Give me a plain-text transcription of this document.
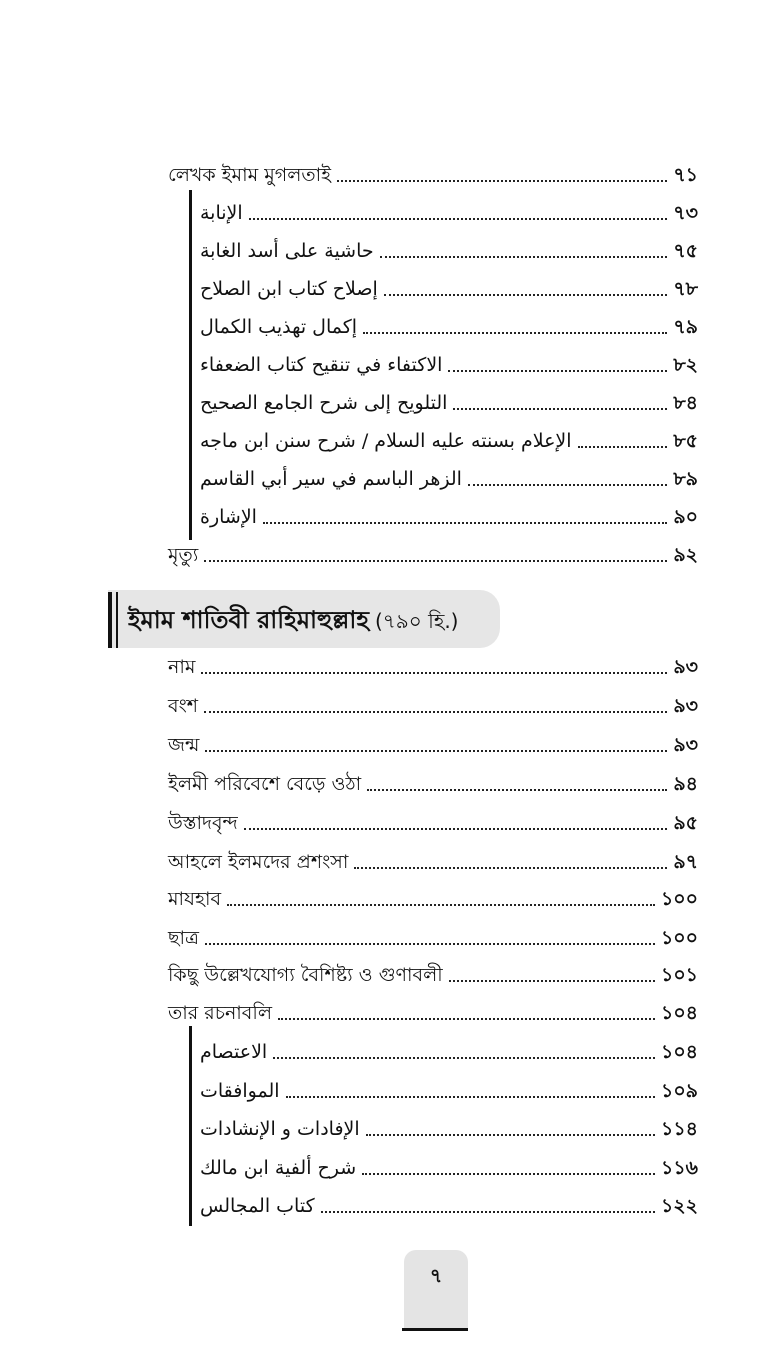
লেখক ইমাম মুগলতাই	৭১
الإنابة	৭৩
حاشية على أسد الغابة	৭৫
إصلاح كتاب ابن الصلاح	৭৮
إكمال تهذيب الكمال	৭৯
الاكتفاء في تنقيح كتاب الضعفاء	৮২
التلويح إلى شرح الجامع الصحيح	৮৪
الإعلام بسنته عليه السلام / شرح سنن ابن ماجه	৮৫
الزهر الباسم في سير أبي القاسم	৮৯
الإشارة	৯০
মৃত্যু	৯২
ইমাম শাতিবী রাহিমাহুল্লাহ (৭৯০ হি.)
নাম	৯৩
বংশ	৯৩
জন্ম	৯৩
ইলমী পরিবেশে বেড়ে ওঠা	৯৪
উস্তাদবৃন্দ	৯৫
আহলে ইলমদের প্রশংসা	৯৭
মাযহাব	১০০
ছাত্র	১০০
কিছু উল্লেখযোগ্য বৈশিষ্ট্য ও গুণাবলী	১০১
তার রচনাবলি	১০৪
الاعتصام	১০৪
الموافقات	১০৯
الإفادات و الإنشادات	১১৪
شرح ألفية ابن مالك	১১৬
كتاب المجالس	১২২
৭
